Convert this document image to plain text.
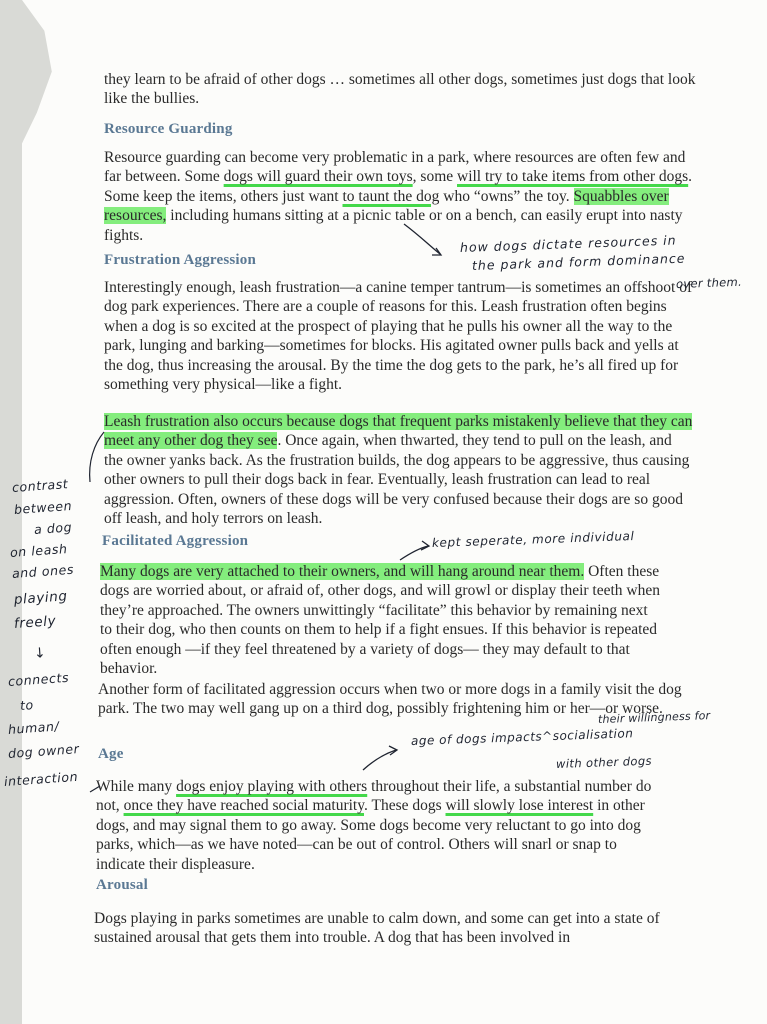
they learn to be afraid of other dogs … sometimes all other dogs, sometimes just dogs that look like the bullies.

Resource Guarding

Resource guarding can become very problematic in a park, where resources are often few and far between. Some dogs will guard their own toys, some will try to take items from other dogs. Some keep the items, others just want to taunt the dog who “owns” the toy. Squabbles over resources, including humans sitting at a picnic table or on a bench, can easily erupt into nasty fights.

Frustration Aggression

Interestingly enough, leash frustration—a canine temper tantrum—is sometimes an offshoot of dog park experiences. There are a couple of reasons for this. Leash frustration often begins when a dog is so excited at the prospect of playing that he pulls his owner all the way to the park, lunging and barking—sometimes for blocks. His agitated owner pulls back and yells at the dog, thus increasing the arousal. By the time the dog gets to the park, he’s all fired up for something very physical—like a fight.

Leash frustration also occurs because dogs that frequent parks mistakenly believe that they can meet any other dog they see. Once again, when thwarted, they tend to pull on the leash, and the owner yanks back. As the frustration builds, the dog appears to be aggressive, thus causing other owners to pull their dogs back in fear. Eventually, leash frustration can lead to real aggression. Often, owners of these dogs will be very confused because their dogs are so good off leash, and holy terrors on leash.

Facilitated Aggression

Many dogs are very attached to their owners, and will hang around near them. Often these dogs are worried about, or afraid of, other dogs, and will growl or display their teeth when they’re approached. The owners unwittingly “facilitate” this behavior by remaining next to their dog, who then counts on them to help if a fight ensues. If this behavior is repeated often enough —if they feel threatened by a variety of dogs— they may default to that behavior.

Another form of facilitated aggression occurs when two or more dogs in a family visit the dog park. The two may well gang up on a third dog, possibly frightening him or her—or worse.

Age

While many dogs enjoy playing with others throughout their life, a substantial number do not, once they have reached social maturity. These dogs will slowly lose interest in other dogs, and may signal them to go away. Some dogs become very reluctant to go into dog parks, which—as we have noted—can be out of control. Others will snarl or snap to indicate their displeasure.

Arousal

Dogs playing in parks sometimes are unable to calm down, and some can get into a state of sustained arousal that gets them into trouble. A dog that has been involved in

how dogs dictate resources in
the park and form dominance
over them.
kept seperate, more individual
their willingness for
age of dogs impacts^socialisation
with other dogs
contrast
between
a dog
on leash
and ones
playing
freely
↓
connects
to
human/
dog owner
interaction
